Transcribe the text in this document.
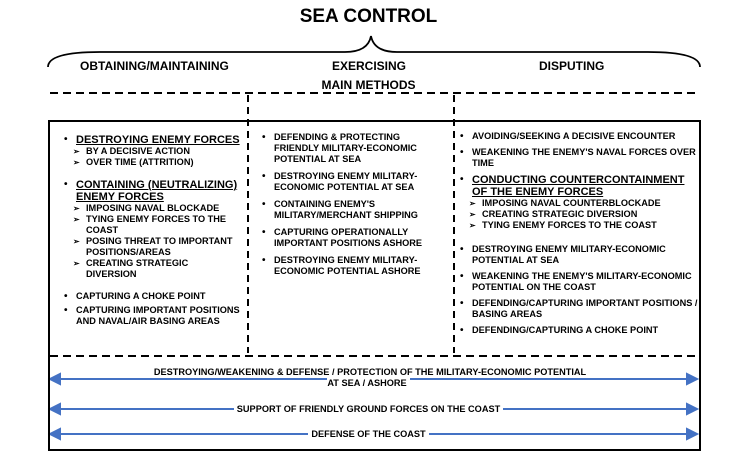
SEA CONTROL
OBTAINING/MAINTAINING	EXERCISING	DISPUTING
MAIN METHODS
• DESTROYING ENEMY FORCES
➢ BY A DECISIVE ACTION
➢ OVER TIME (ATTRITION)
• CONTAINING (NEUTRALIZING) ENEMY FORCES
➢ IMPOSING NAVAL BLOCKADE
➢ TYING ENEMY FORCES TO THE COAST
➢ POSING THREAT TO IMPORTANT POSITIONS/AREAS
➢ CREATING STRATEGIC DIVERSION
• CAPTURING A CHOKE POINT
• CAPTURING IMPORTANT POSITIONS AND NAVAL/AIR BASING AREAS
• DEFENDING & PROTECTING FRIENDLY MILITARY-ECONOMIC POTENTIAL AT SEA
• DESTROYING ENEMY MILITARY-ECONOMIC POTENTIAL AT SEA
• CONTAINING ENEMY'S MILITARY/MERCHANT SHIPPING
• CAPTURING OPERATIONALLY IMPORTANT POSITIONS ASHORE
• DESTROYING ENEMY MILITARY-ECONOMIC POTENTIAL ASHORE
• AVOIDING/SEEKING A DECISIVE ENCOUNTER
• WEAKENING THE ENEMY'S NAVAL FORCES OVER TIME
• CONDUCTING COUNTERCONTAINMENT OF THE ENEMY FORCES
➢ IMPOSING NAVAL COUNTERBLOCKADE
➢ CREATING STRATEGIC DIVERSION
➢ TYING ENEMY FORCES TO THE COAST
• DESTROYING ENEMY MILITARY-ECONOMIC POTENTIAL AT SEA
• WEAKENING THE ENEMY'S MILITARY-ECONOMIC POTENTIAL ON THE COAST
• DEFENDING/CAPTURING IMPORTANT POSITIONS / BASING AREAS
• DEFENDING/CAPTURING A CHOKE POINT
DESTROYING/WEAKENING & DEFENSE / PROTECTION OF THE MILITARY-ECONOMIC POTENTIAL AT SEA / ASHORE
SUPPORT OF FRIENDLY GROUND FORCES ON THE COAST
DEFENSE OF THE COAST
